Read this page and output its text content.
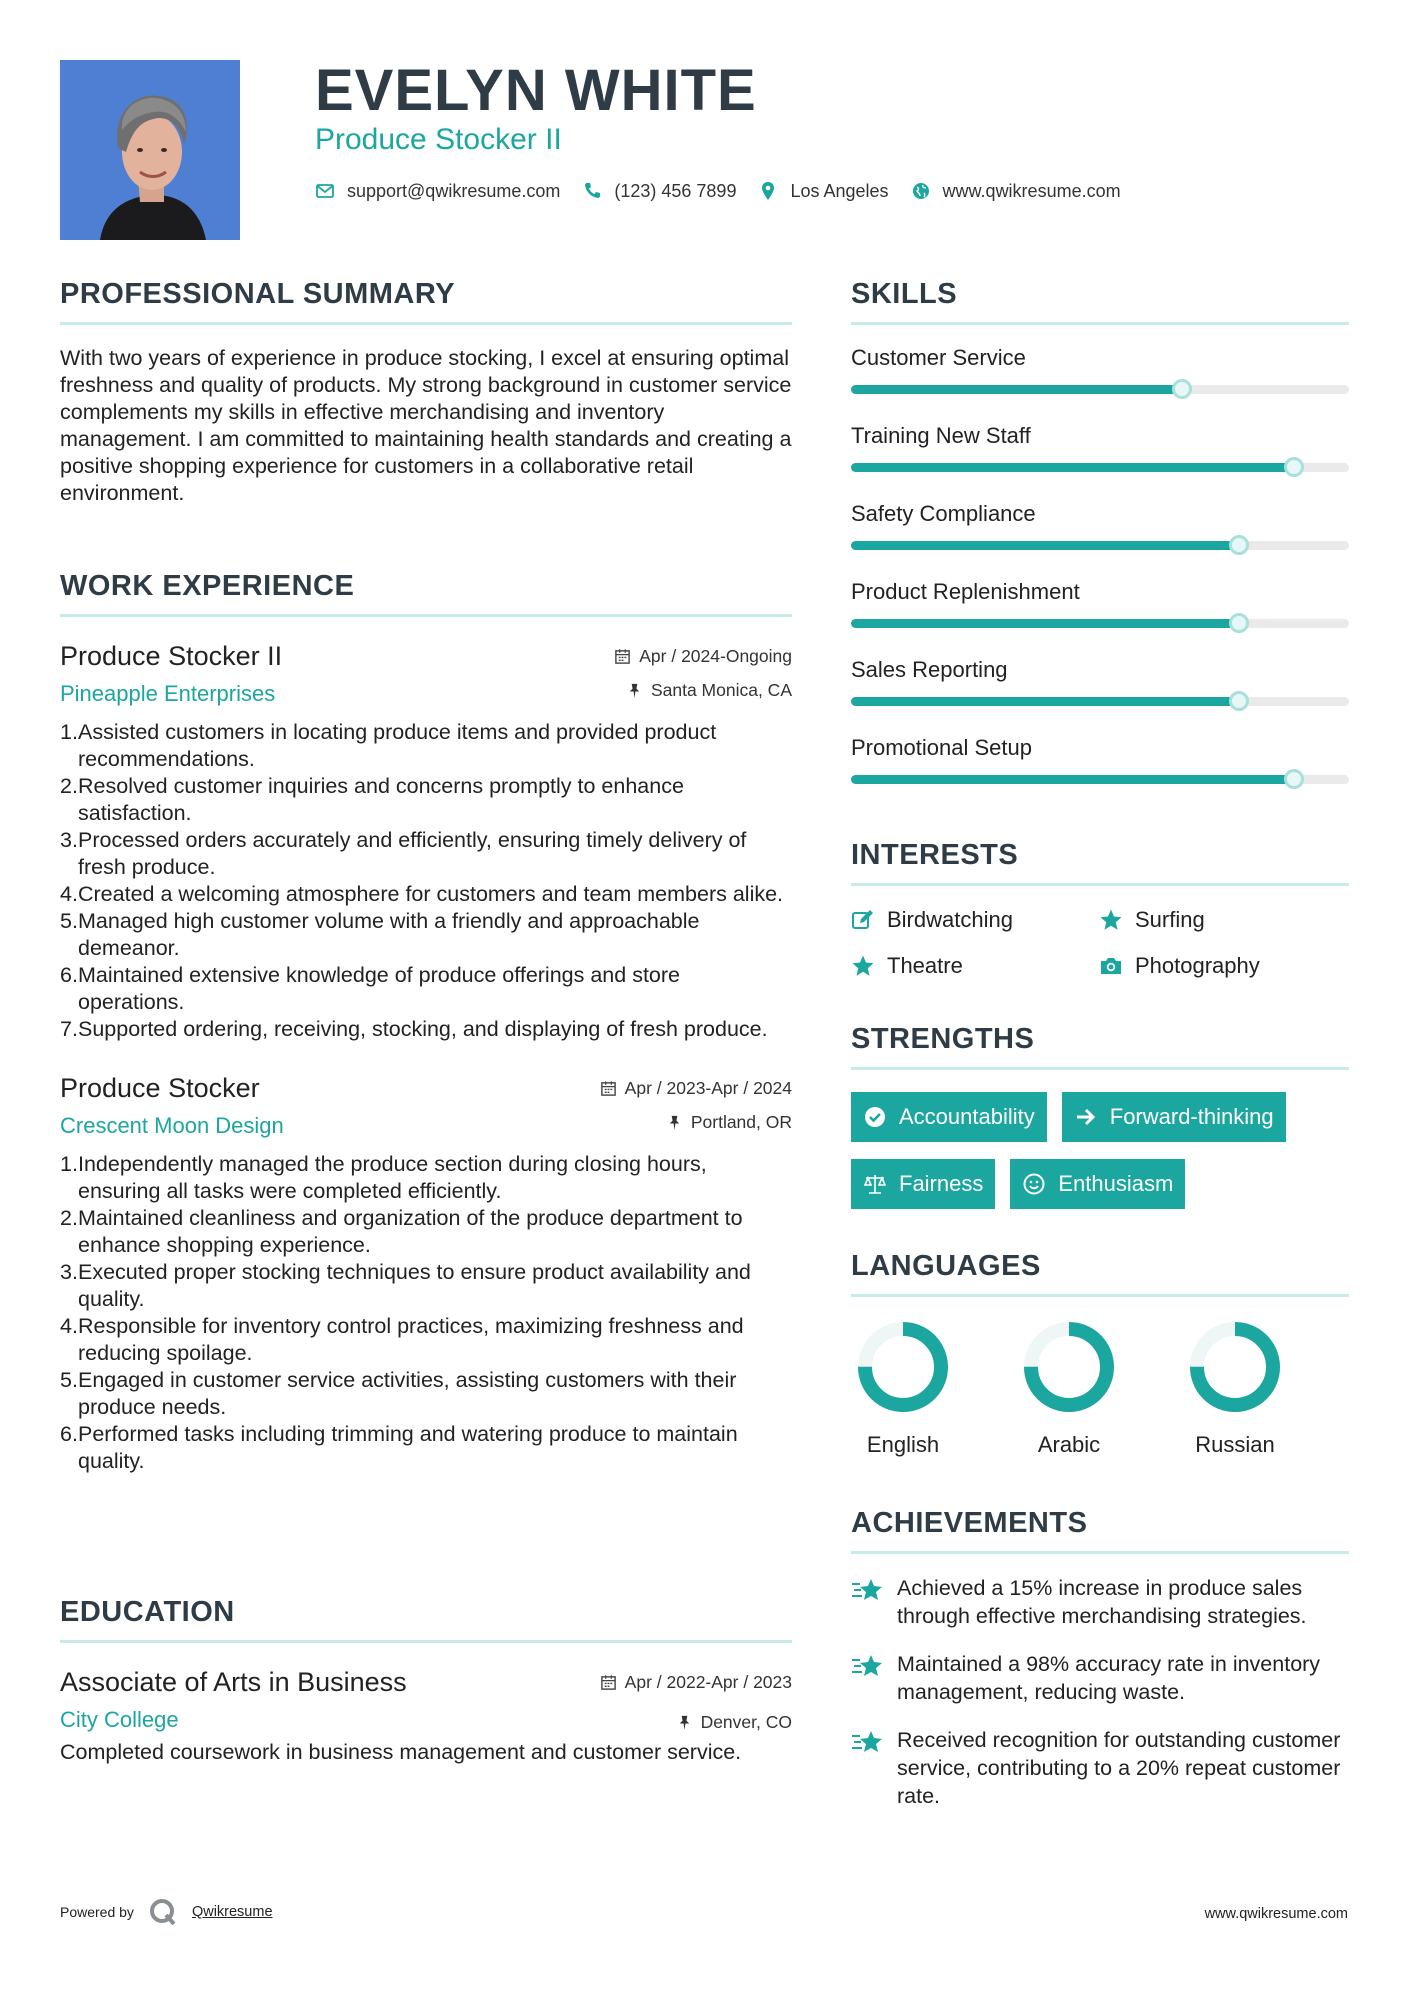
EVELYN WHITE
Produce Stocker II
support@qwikresume.com	(123) 456 7899	Los Angeles	www.qwikresume.com
PROFESSIONAL SUMMARY

With two years of experience in produce stocking, I excel at ensuring optimal freshness and quality of products. My strong background in customer service complements my skills in effective merchandising and inventory management. I am committed to maintaining health standards and creating a positive shopping experience for customers in a collaborative retail environment.

WORK EXPERIENCE
Apr / 2024-Ongoing
Santa Monica, CA
Produce Stocker II
Pineapple Enterprises
1. Assisted customers in locating produce items and provided product recommendations.
2. Resolved customer inquiries and concerns promptly to enhance satisfaction.
3. Processed orders accurately and efficiently, ensuring timely delivery of fresh produce.
4. Created a welcoming atmosphere for customers and team members alike.
5. Managed high customer volume with a friendly and approachable demeanor.
6. Maintained extensive knowledge of produce offerings and store operations.
7. Supported ordering, receiving, stocking, and displaying of fresh produce.
Apr / 2023-Apr / 2024
Portland, OR
Produce Stocker
Crescent Moon Design
1. Independently managed the produce section during closing hours, ensuring all tasks were completed efficiently.
2. Maintained cleanliness and organization of the produce department to enhance shopping experience.
3. Executed proper stocking techniques to ensure product availability and quality.
4. Responsible for inventory control practices, maximizing freshness and reducing spoilage.
5. Engaged in customer service activities, assisting customers with their produce needs.
6. Performed tasks including trimming and watering produce to maintain quality.
EDUCATION
Apr / 2022-Apr / 2023
Denver, CO
Associate of Arts in Business
City College

Completed coursework in business management and customer service.

SKILLS
Customer Service
Training New Staff
Safety Compliance
Product Replenishment
Sales Reporting
Promotional Setup
INTERESTS
Birdwatching	Surfing
Theatre	Photography
STRENGTHS
Accountability	Forward-thinking
Fairness	Enthusiasm
LANGUAGES
English	Arabic	Russian
ACHIEVEMENTS
Achieved a 15% increase in produce sales through effective merchandising strategies.
Maintained a 98% accuracy rate in inventory management, reducing waste.
Received recognition for outstanding customer service, contributing to a 20% repeat customer rate.
Powered by	Qwikresume	www.qwikresume.com
